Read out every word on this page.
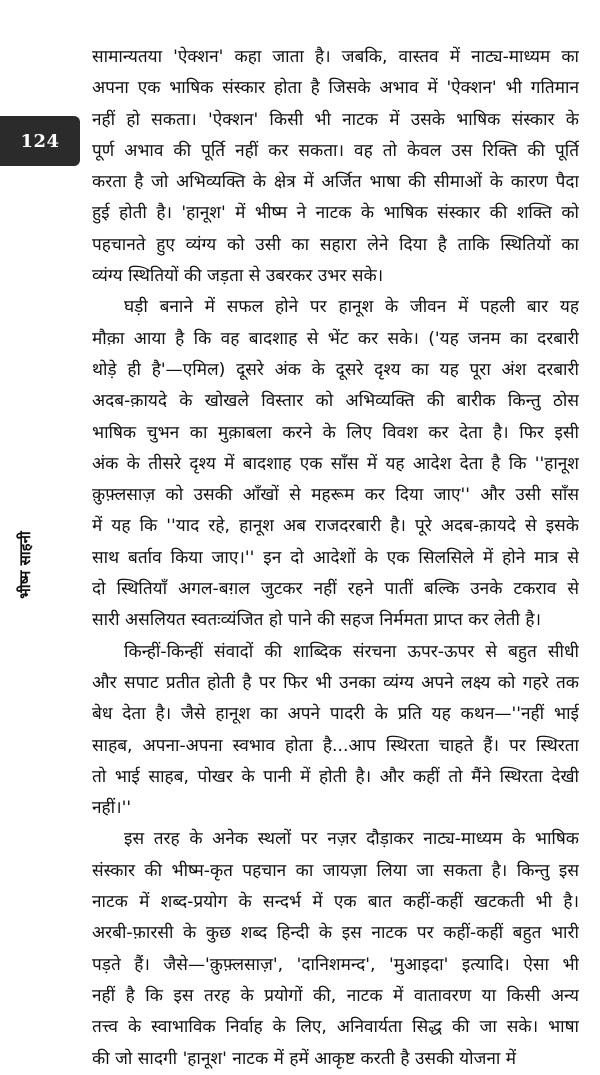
124
भीष्म साहनी
सामान्यतया 'ऐक्शन' कहा जाता है। जबकि, वास्तव में नाट्य-माध्यम का
अपना एक भाषिक संस्कार होता है जिसके अभाव में 'ऐक्शन' भी गतिमान
नहीं हो सकता। 'ऐक्शन' किसी भी नाटक में उसके भाषिक संस्कार के
पूर्ण अभाव की पूर्ति नहीं कर सकता। वह तो केवल उस रिक्ति की पूर्ति
करता है जो अभिव्यक्ति के क्षेत्र में अर्जित भाषा की सीमाओं के कारण पैदा
हुई होती है। 'हानूश' में भीष्म ने नाटक के भाषिक संस्कार की शक्ति को
पहचानते हुए व्यंग्य को उसी का सहारा लेने दिया है ताकि स्थितियों का
व्यंग्य स्थितियों की जड़ता से उबरकर उभर सके।
घड़ी बनाने में सफल होने पर हानूश के जीवन में पहली बार यह
मौक़ा आया है कि वह बादशाह से भेंट कर सके। ('यह जनम का दरबारी
थोड़े ही है'—एमिल) दूसरे अंक के दूसरे दृश्य का यह पूरा अंश दरबारी
अदब-क़ायदे के खोखले विस्तार को अभिव्यक्ति की बारीक किन्तु ठोस
भाषिक चुभन का मुक़ाबला करने के लिए विवश कर देता है। फिर इसी
अंक के तीसरे दृश्य में बादशाह एक साँस में यह आदेश देता है कि ''हानूश
क़ुफ़्लसाज़ को उसकी आँखों से महरूम कर दिया जाए'' और उसी साँस
में यह कि ''याद रहे, हानूश अब राजदरबारी है। पूरे अदब-क़ायदे से इसके
साथ बर्ताव किया जाए।'' इन दो आदेशों के एक सिलसिले में होने मात्र से
दो स्थितियाँ अगल-बग़ल जुटकर नहीं रहने पातीं बल्कि उनके टकराव से
सारी असलियत स्वतःव्यंजित हो पाने की सहज निर्ममता प्राप्त कर लेती है।
किन्हीं-किन्हीं संवादों की शाब्दिक संरचना ऊपर-ऊपर से बहुत सीधी
और सपाट प्रतीत होती है पर फिर भी उनका व्यंग्य अपने लक्ष्य को गहरे तक
बेध देता है। जैसे हानूश का अपने पादरी के प्रति यह कथन—''नहीं भाई
साहब, अपना-अपना स्वभाव होता है...आप स्थिरता चाहते हैं। पर स्थिरता
तो भाई साहब, पोखर के पानी में होती है। और कहीं तो मैंने स्थिरता देखी
नहीं।''
इस तरह के अनेक स्थलों पर नज़र दौड़ाकर नाट्य-माध्यम के भाषिक
संस्कार की भीष्म-कृत पहचान का जायज़ा लिया जा सकता है। किन्तु इस
नाटक में शब्द-प्रयोग के सन्दर्भ में एक बात कहीं-कहीं खटकती भी है।
अरबी-फ़ारसी के कुछ शब्द हिन्दी के इस नाटक पर कहीं-कहीं बहुत भारी
पड़ते हैं। जैसे—'क़ुफ़्लसाज़', 'दानिशमन्द', 'मुआइदा' इत्यादि। ऐसा भी
नहीं है कि इस तरह के प्रयोगों की, नाटक में वातावरण या किसी अन्य
तत्त्व के स्वाभाविक निर्वाह के लिए, अनिवार्यता सिद्ध की जा सके। भाषा
की जो सादगी 'हानूश' नाटक में हमें आकृष्ट करती है उसकी योजना में
